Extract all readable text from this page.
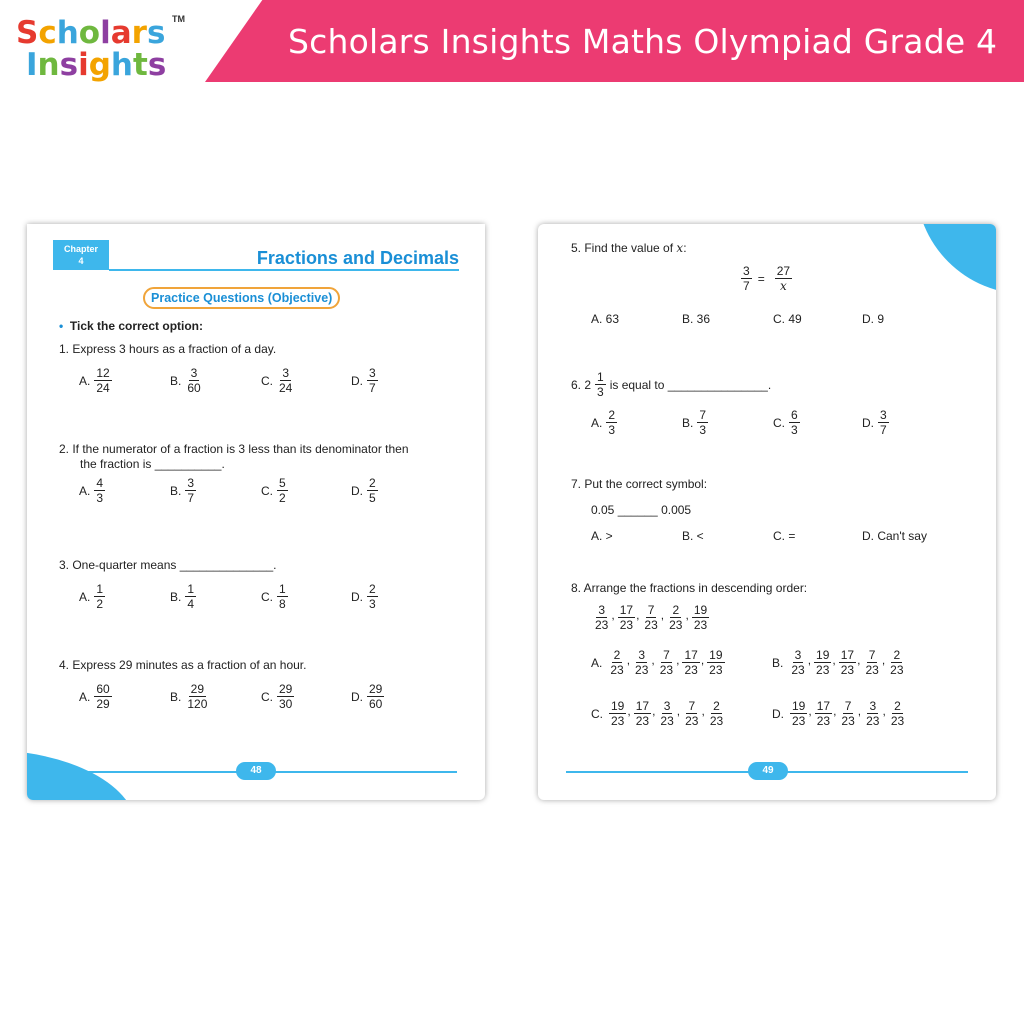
Scholars Insights Maths Olympiad Grade 4
Scholars
Insights
TM
Chapter
4	Fractions and Decimals
Practice Questions (Objective)
• Tick the correct option:
48
1. Express 3 hours as a fraction of a day.
A. $\frac{12}{24}$	B. $\frac{3}{60}$	C. $\frac{3}{24}$	D. $\frac{3}{7}$
2. If the numerator of a fraction is 3 less than its denominator then
the fraction is __________.
A. $\frac{4}{3}$	B. $\frac{3}{7}$	C. $\frac{5}{2}$	D. $\frac{2}{5}$
3. One-quarter means ______________.
A. $\frac{1}{2}$	B. $\frac{1}{4}$	C. $\frac{1}{8}$	D. $\frac{2}{3}$
4. Express 29 minutes as a fraction of an hour.
A. $\frac{60}{29}$	B. $\frac{29}{120}$	C. $\frac{29}{30}$	D. $\frac{29}{60}$
5. Find the value of x:
$\frac{3}{7} = \frac{27}{x}$
A. 63	B. 36	C. 49	D. 9
6. $2 \frac{1}{3}$ is equal to _______________.
7. Put the correct symbol:
0.05 ______ 0.005
A. >	B. <	C. =	D. Can't say
8. Arrange the fractions in descending order:
$\frac{3}{23}$ , $\frac{17}{23}$ , $\frac{7}{23}$ , $\frac{2}{23}$ , $\frac{19}{23}$
49
A. $\frac{2}{3}$	B. $\frac{7}{3}$	C. $\frac{6}{3}$	D. $\frac{3}{7}$
A. $\frac{2}{23}$ , $\frac{3}{23}$ , $\frac{7}{23}$ , $\frac{17}{23}$ , $\frac{19}{23}$	B. $\frac{3}{23}$ , $\frac{19}{23}$ , $\frac{17}{23}$ , $\frac{7}{23}$ , $\frac{2}{23}$
C. $\frac{19}{23}$ , $\frac{17}{23}$ , $\frac{3}{23}$ , $\frac{7}{23}$ , $\frac{2}{23}$	D. $\frac{19}{23}$ , $\frac{17}{23}$ , $\frac{7}{23}$ , $\frac{3}{23}$ , $\frac{2}{23}$
